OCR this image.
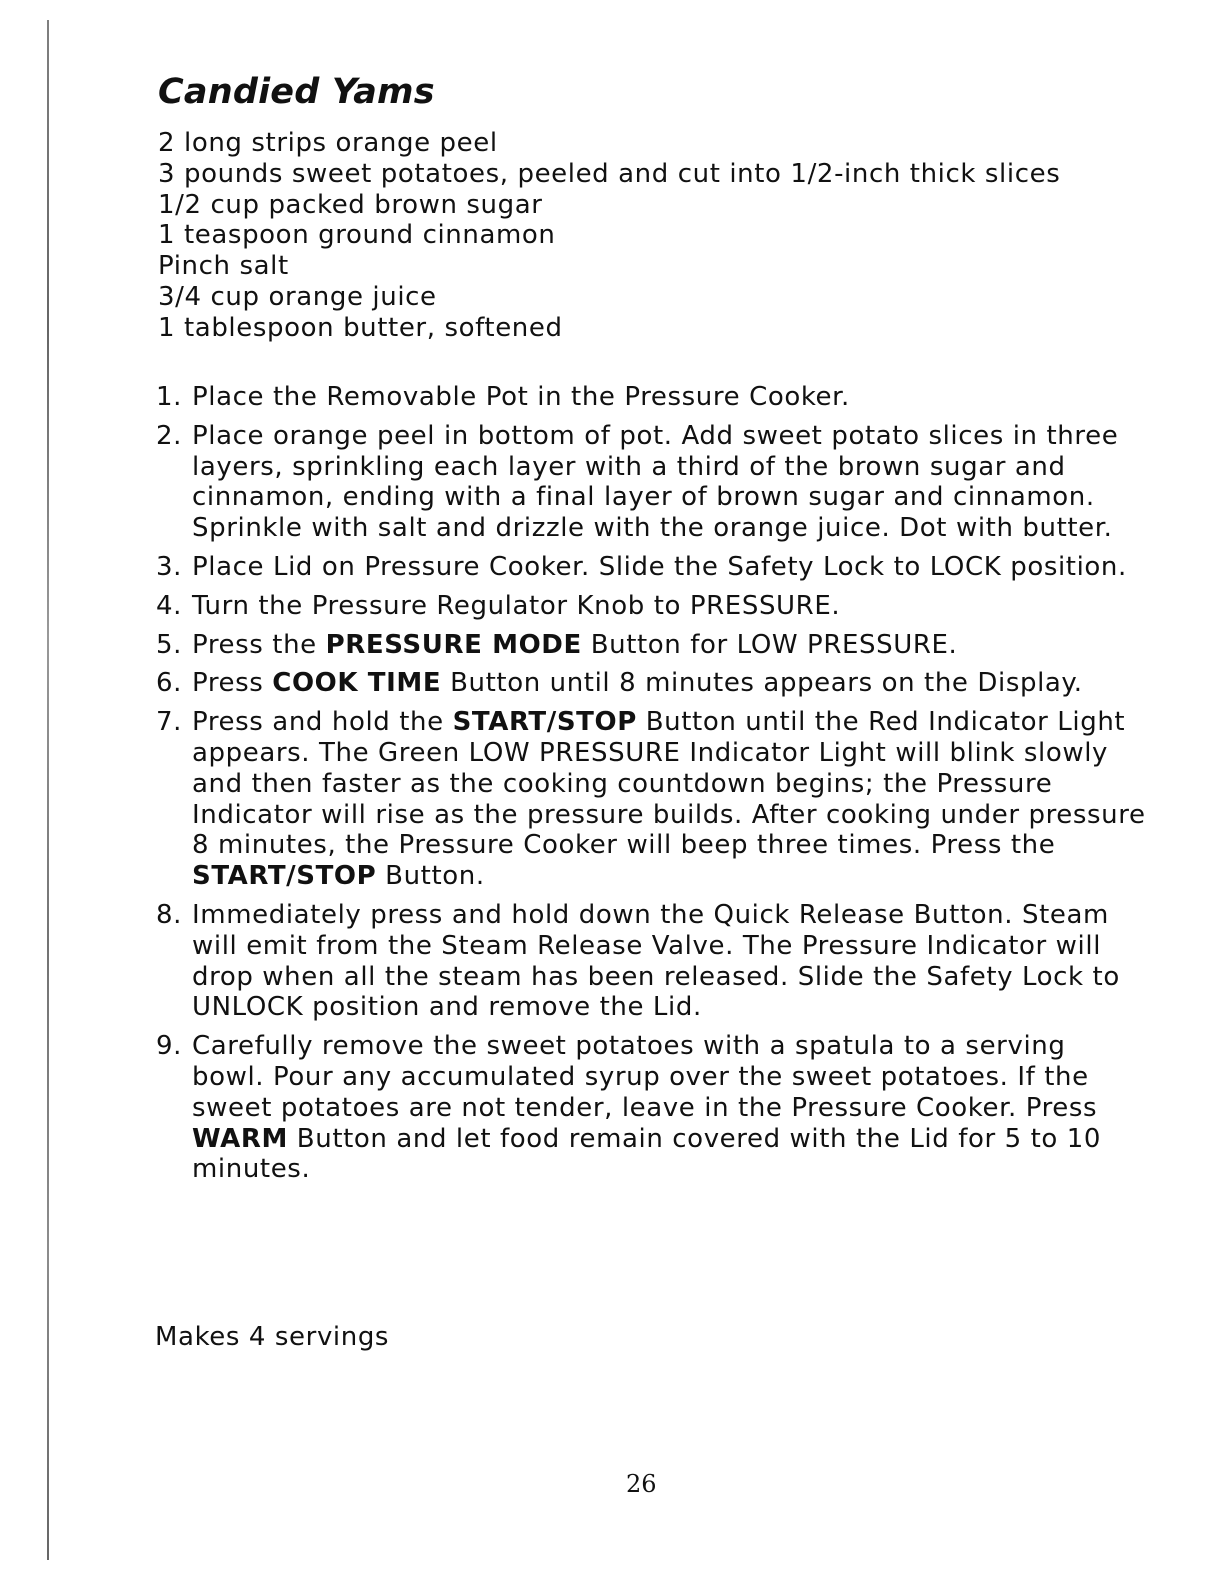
Candied Yams
2 long strips orange peel
3 pounds sweet potatoes, peeled and cut into 1/2-inch thick slices
1/2 cup packed brown sugar
1 teaspoon ground cinnamon
Pinch salt
3/4 cup orange juice
1 tablespoon butter, softened
1. Place the Removable Pot in the Pressure Cooker.
2. Place orange peel in bottom of pot. Add sweet potato slices in three layers, sprinkling each layer with a third of the brown sugar and cinnamon, ending with a final layer of brown sugar and cinnamon. Sprinkle with salt and drizzle with the orange juice. Dot with butter.
3. Place Lid on Pressure Cooker. Slide the Safety Lock to LOCK position.
4. Turn the Pressure Regulator Knob to PRESSURE.
5. Press the PRESSURE MODE Button for LOW PRESSURE.
6. Press COOK TIME Button until 8 minutes appears on the Display.
7. Press and hold the START/STOP Button until the Red Indicator Light appears. The Green LOW PRESSURE Indicator Light will blink slowly and then faster as the cooking countdown begins; the Pressure Indicator will rise as the pressure builds. After cooking under pressure 8 minutes, the Pressure Cooker will beep three times. Press the START/STOP Button.
8. Immediately press and hold down the Quick Release Button. Steam will emit from the Steam Release Valve. The Pressure Indicator will drop when all the steam has been released. Slide the Safety Lock to UNLOCK position and remove the Lid.
9. Carefully remove the sweet potatoes with a spatula to a serving bowl. Pour any accumulated syrup over the sweet potatoes. If the sweet potatoes are not tender, leave in the Pressure Cooker. Press WARM Button and let food remain covered with the Lid for 5 to 10 minutes.
Makes 4 servings
26
